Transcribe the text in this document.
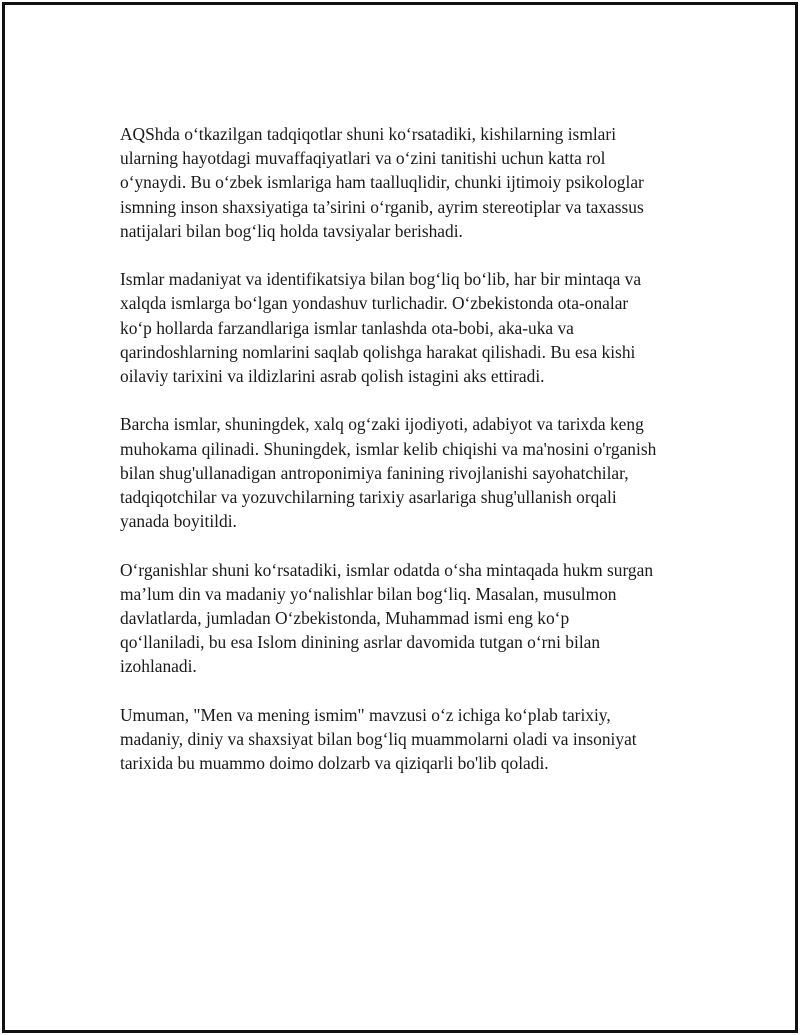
AQShda o‘tkazilgan tadqiqotlar shuni ko‘rsatadiki, kishilarning ismlari
ularning hayotdagi muvaffaqiyatlari va o‘zini tanitishi uchun katta rol
o‘ynaydi. Bu o‘zbek ismlariga ham taalluqlidir, chunki ijtimoiy psikologlar
ismning inson shaxsiyatiga ta’sirini o‘rganib, ayrim stereotiplar va taxassus
natijalari bilan bog‘liq holda tavsiyalar berishadi.

Ismlar madaniyat va identifikatsiya bilan bog‘liq bo‘lib, har bir mintaqa va
xalqda ismlarga bo‘lgan yondashuv turlichadir. O‘zbekistonda ota-onalar
ko‘p hollarda farzandlariga ismlar tanlashda ota-bobi, aka-uka va
qarindoshlarning nomlarini saqlab qolishga harakat qilishadi. Bu esa kishi
oilaviy tarixini va ildizlarini asrab qolish istagini aks ettiradi.

Barcha ismlar, shuningdek, xalq og‘zaki ijodiyoti, adabiyot va tarixda keng
muhokama qilinadi. Shuningdek, ismlar kelib chiqishi va ma'nosini o'rganish
bilan shug'ullanadigan antroponimiya fanining rivojlanishi sayohatchilar,
tadqiqotchilar va yozuvchilarning tarixiy asarlariga shug'ullanish orqali
yanada boyitildi.

O‘rganishlar shuni ko‘rsatadiki, ismlar odatda o‘sha mintaqada hukm surgan
ma’lum din va madaniy yo‘nalishlar bilan bog‘liq. Masalan, musulmon
davlatlarda, jumladan O‘zbekistonda, Muhammad ismi eng ko‘p
qo‘llaniladi, bu esa Islom dinining asrlar davomida tutgan o‘rni bilan
izohlanadi.

Umuman, "Men va mening ismim" mavzusi o‘z ichiga ko‘plab tarixiy,
madaniy, diniy va shaxsiyat bilan bog‘liq muammolarni oladi va insoniyat
tarixida bu muammo doimo dolzarb va qiziqarli bo'lib qoladi.
